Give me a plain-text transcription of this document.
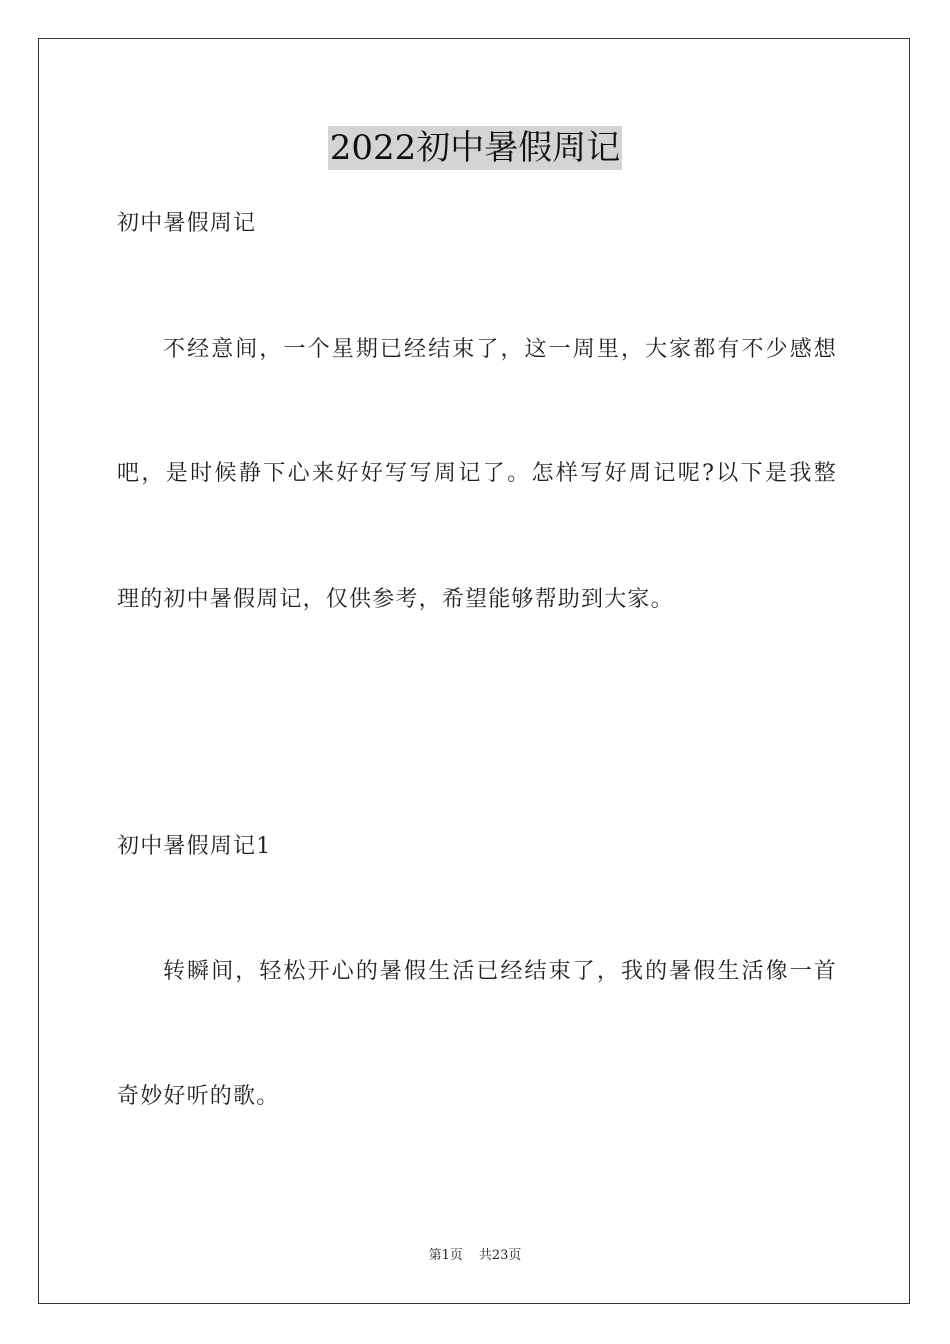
2022初中暑假周记
初中暑假周记
不经意间，一个星期已经结束了，这一周里，大家都有不少感想
吧，是时候静下心来好好写写周记了。怎样写好周记呢?以下是我整
理的初中暑假周记，仅供参考，希望能够帮助到大家。
初中暑假周记1
转瞬间，轻松开心的暑假生活已经结束了，我的暑假生活像一首
奇妙好听的歌。
第1页 共23页
